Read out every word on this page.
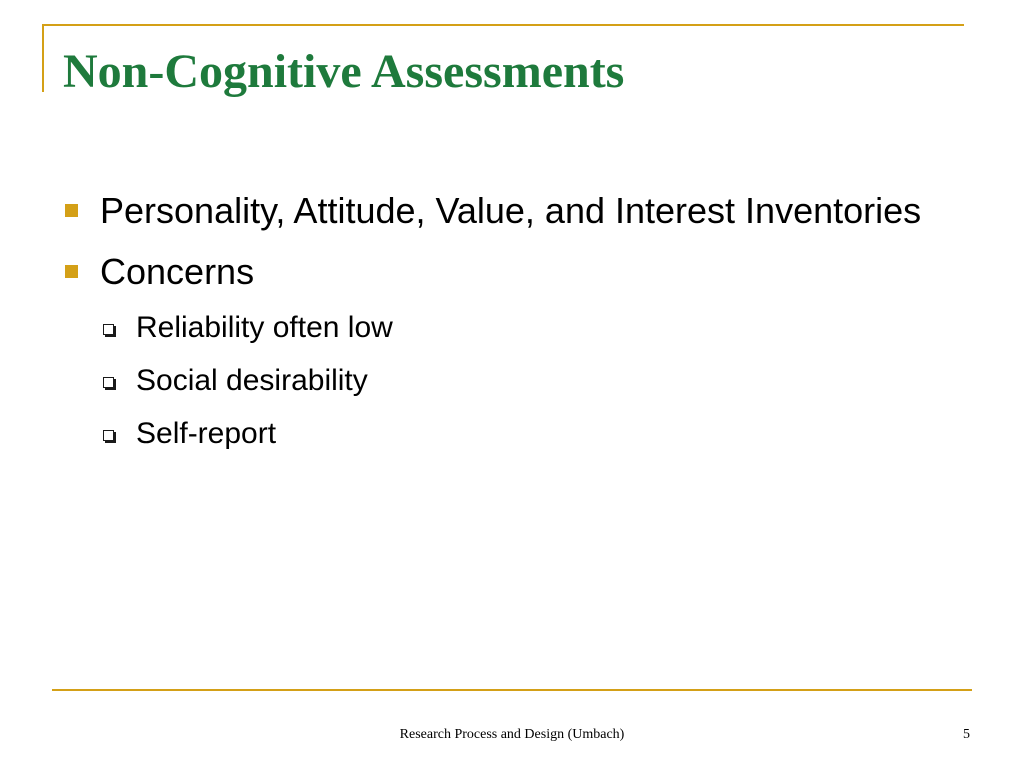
Non-Cognitive Assessments
Personality, Attitude, Value, and Interest Inventories
Concerns
Reliability often low
Social desirability
Self-report
Research Process and Design (Umbach)	5
